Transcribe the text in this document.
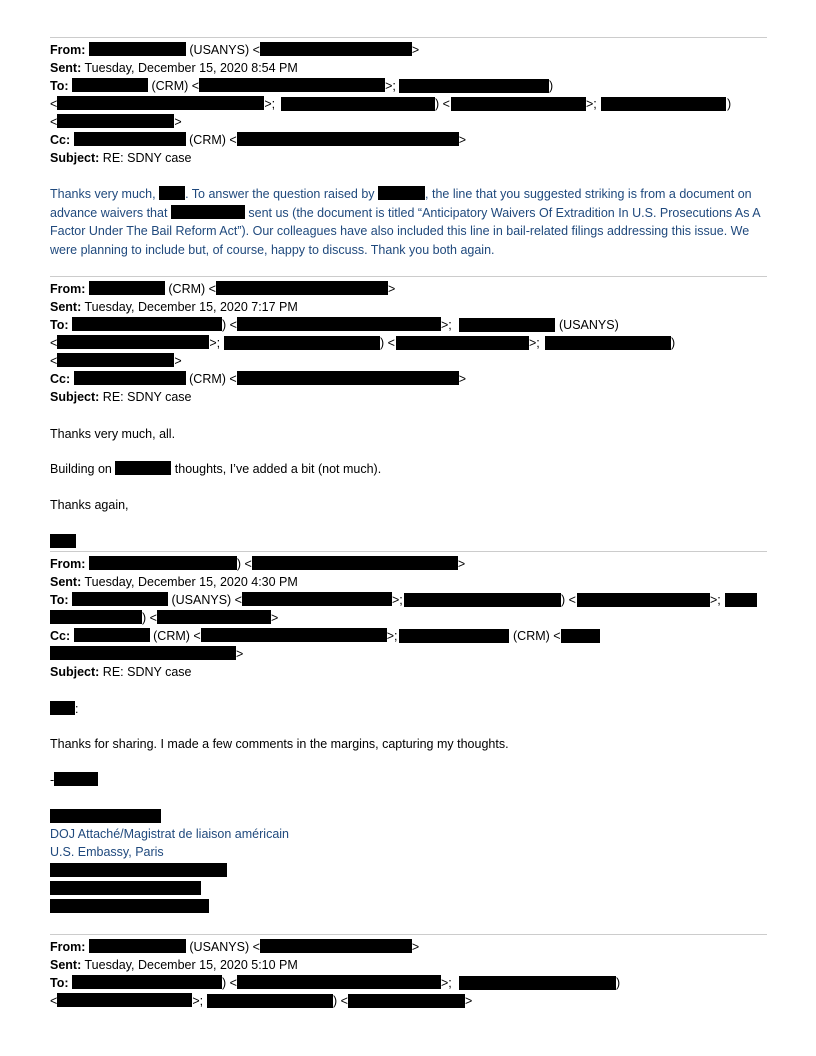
From:	(USANYS) <	>
Sent: Tuesday, December 15, 2020 8:54 PM
To:	(CRM) <	>;	)
<	>;	) <	>;	)
<	>
Cc:	(CRM) <	>
Subject: RE: SDNY case
Thanks very much, . To answer the question raised by	, the line that you suggested striking is from a document on advance waivers that	sent us (the document is titled “Anticipatory Waivers Of Extradition In U.S. Prosecutions As A Factor Under The Bail Reform Act”). Our colleagues have also included this line in bail-related filings addressing this issue. We were planning to include but, of course, happy to discuss. Thank you both again.
From:	(CRM) <	>
Sent: Tuesday, December 15, 2020 7:17 PM
To:	) <	>;	(USANYS)
<	>;	) <	>;	)
<	>
Cc:	(CRM) <	>
Subject: RE: SDNY case
Thanks very much, all.
Building on	thoughts, I’ve added a bit (not much).
Thanks again,
From:	) <	>
Sent: Tuesday, December 15, 2020 4:30 PM
To:	(USANYS) <	>;	) <	>;
) <	>
Cc:	(CRM) <	>;	(CRM) <
>
Subject: RE: SDNY case
:
Thanks for sharing. I made a few comments in the margins, capturing my thoughts.
-
DOJ Attaché/Magistrat de liaison américain
U.S. Embassy, Paris
From:	(USANYS) <	>
Sent: Tuesday, December 15, 2020 5:10 PM
To:	) <	>;	)
<	>;	) <	>
